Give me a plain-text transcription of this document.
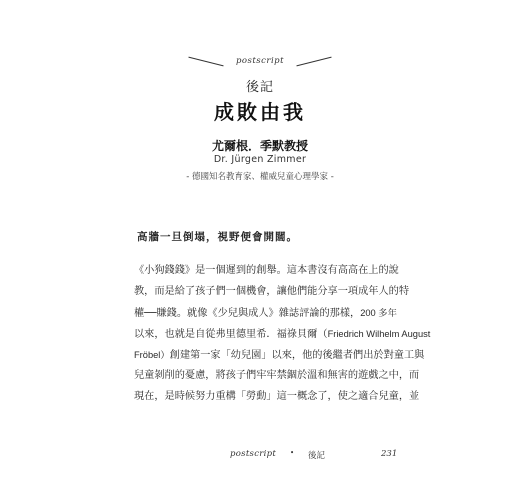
postscript
後記
成敗由我
尤爾根．季默教授
Dr. Jürgen Zimmer
- 德國知名教育家、權威兒童心理學家 -
高牆一旦倒塌，視野便會開闊。
《小狗錢錢》是一個遲到的創舉。這本書沒有高高在上的說
教，而是給了孩子們一個機會，讓他們能分享一項成年人的特
權──賺錢。就像《少兒與成人》雜誌評論的那樣，200 多年
以來，也就是自從弗里德里希．福祿貝爾（Friedrich Wilhelm August
Fröbel）創建第一家「幼兒園」以來，他的後繼者們出於對童工與
兒童剝削的憂慮，將孩子們牢牢禁錮於溫和無害的遊戲之中，而
現在，是時候努力重構「勞動」這一概念了，使之適合兒童，並
postscript • 後記	231
